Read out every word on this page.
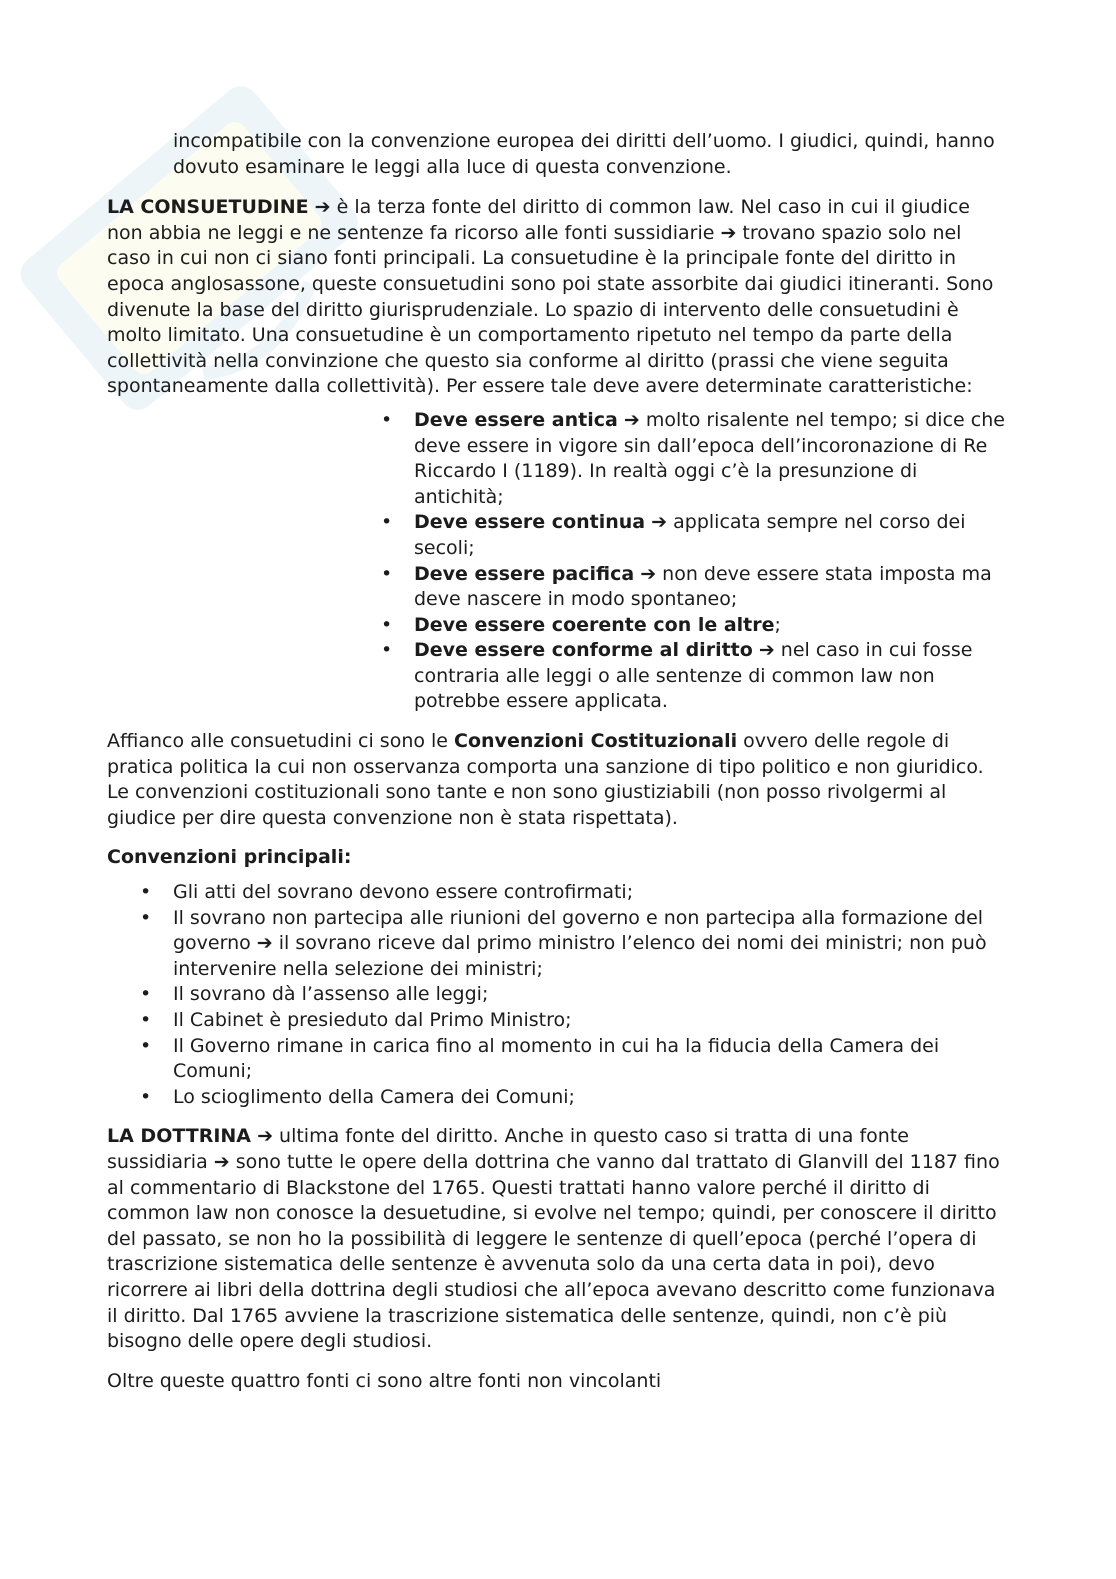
incompatibile con la convenzione europea dei diritti dell’uomo. I giudici, quindi, hanno dovuto esaminare le leggi alla luce di questa convenzione.

LA CONSUETUDINE ➔ è la terza fonte del diritto di common law. Nel caso in cui il giudice non abbia ne leggi e ne sentenze fa ricorso alle fonti sussidiarie ➔ trovano spazio solo nel caso in cui non ci siano fonti principali. La consuetudine è la principale fonte del diritto in epoca anglosassone, queste consuetudini sono poi state assorbite dai giudici itineranti. Sono divenute la base del diritto giurisprudenziale. Lo spazio di intervento delle consuetudini è molto limitato. Una consuetudine è un comportamento ripetuto nel tempo da parte della collettività nella convinzione che questo sia conforme al diritto (prassi che viene seguita spontaneamente dalla collettività). Per essere tale deve avere determinate caratteristiche:

• Deve essere antica ➔ molto risalente nel tempo; si dice che deve essere in vigore sin dall’epoca dell’incoronazione di Re Riccardo I (1189). In realtà oggi c’è la presunzione di antichità;
• Deve essere continua ➔ applicata sempre nel corso dei secoli;
• Deve essere pacifica ➔ non deve essere stata imposta ma deve nascere in modo spontaneo;
• Deve essere coerente con le altre;
• Deve essere conforme al diritto ➔ nel caso in cui fosse contraria alle leggi o alle sentenze di common law non potrebbe essere applicata.

Affianco alle consuetudini ci sono le Convenzioni Costituzionali ovvero delle regole di pratica politica la cui non osservanza comporta una sanzione di tipo politico e non giuridico. Le convenzioni costituzionali sono tante e non sono giustiziabili (non posso rivolgermi al giudice per dire questa convenzione non è stata rispettata).

Convenzioni principali:

• Gli atti del sovrano devono essere controfirmati;
• Il sovrano non partecipa alle riunioni del governo e non partecipa alla formazione del governo ➔ il sovrano riceve dal primo ministro l’elenco dei nomi dei ministri; non può intervenire nella selezione dei ministri;
• Il sovrano dà l’assenso alle leggi;
• Il Cabinet è presieduto dal Primo Ministro;
• Il Governo rimane in carica fino al momento in cui ha la fiducia della Camera dei Comuni;
• Lo scioglimento della Camera dei Comuni;

LA DOTTRINA ➔ ultima fonte del diritto. Anche in questo caso si tratta di una fonte sussidiaria ➔ sono tutte le opere della dottrina che vanno dal trattato di Glanvill del 1187 fino al commentario di Blackstone del 1765. Questi trattati hanno valore perché il diritto di common law non conosce la desuetudine, si evolve nel tempo; quindi, per conoscere il diritto del passato, se non ho la possibilità di leggere le sentenze di quell’epoca (perché l’opera di trascrizione sistematica delle sentenze è avvenuta solo da una certa data in poi), devo ricorrere ai libri della dottrina degli studiosi che all’epoca avevano descritto come funzionava il diritto. Dal 1765 avviene la trascrizione sistematica delle sentenze, quindi, non c’è più bisogno delle opere degli studiosi.

Oltre queste quattro fonti ci sono altre fonti non vincolanti
